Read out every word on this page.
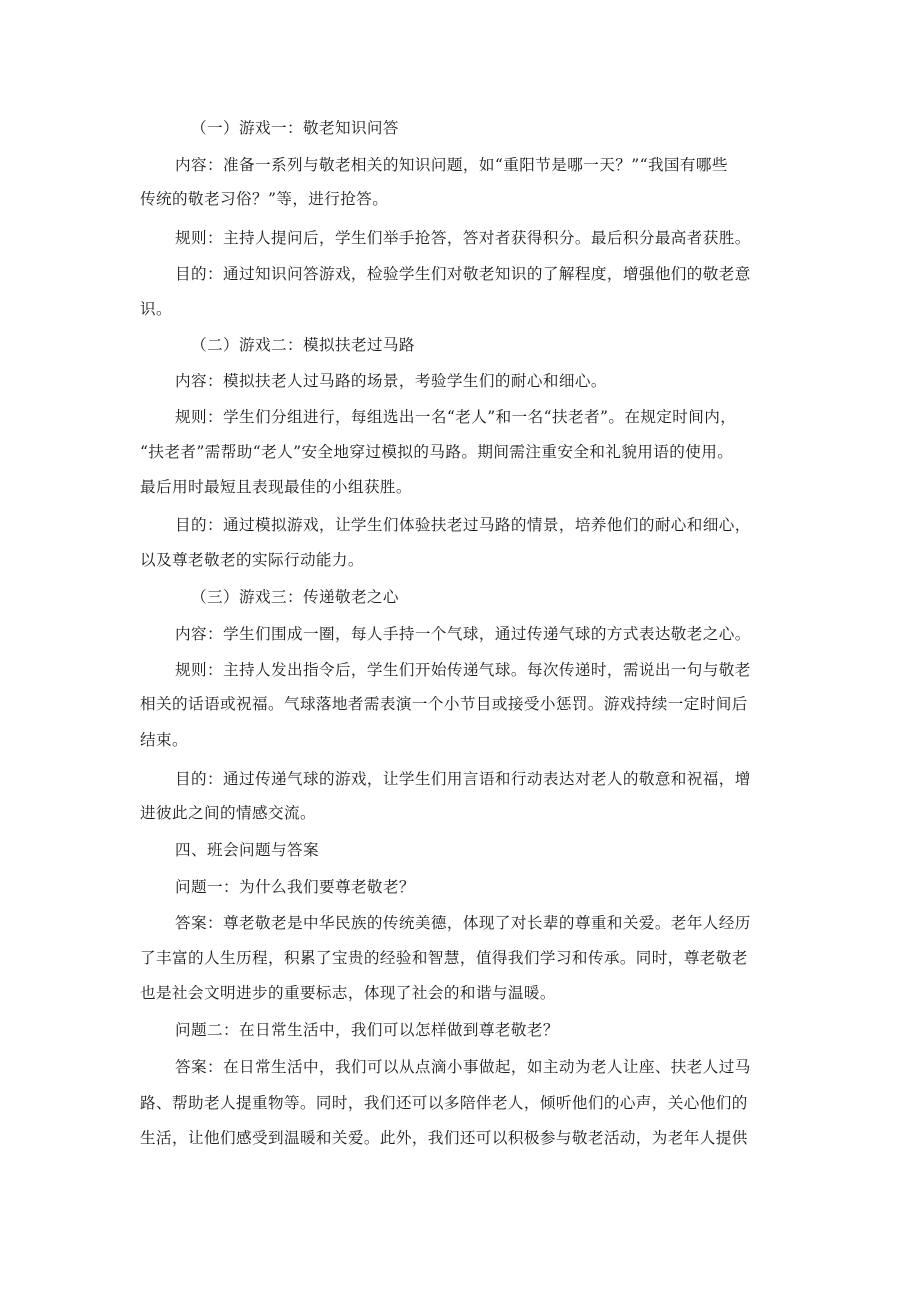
（一）游戏一：敬老知识问答
内容：准备一系列与敬老相关的知识问题，如“重阳节是哪一天？”“我国有哪些
传统的敬老习俗？”等，进行抢答。
规则：主持人提问后，学生们举手抢答，答对者获得积分。最后积分最高者获胜。
目的：通过知识问答游戏，检验学生们对敬老知识的了解程度，增强他们的敬老意
识。
（二）游戏二：模拟扶老过马路
内容：模拟扶老人过马路的场景，考验学生们的耐心和细心。
规则：学生们分组进行，每组选出一名“老人”和一名“扶老者”。在规定时间内，
“扶老者”需帮助“老人”安全地穿过模拟的马路。期间需注重安全和礼貌用语的使用。
最后用时最短且表现最佳的小组获胜。
目的：通过模拟游戏，让学生们体验扶老过马路的情景，培养他们的耐心和细心，
以及尊老敬老的实际行动能力。
（三）游戏三：传递敬老之心
内容：学生们围成一圈，每人手持一个气球，通过传递气球的方式表达敬老之心。
规则：主持人发出指令后，学生们开始传递气球。每次传递时，需说出一句与敬老
相关的话语或祝福。气球落地者需表演一个小节目或接受小惩罚。游戏持续一定时间后
结束。
目的：通过传递气球的游戏，让学生们用言语和行动表达对老人的敬意和祝福，增
进彼此之间的情感交流。
四、班会问题与答案
问题一：为什么我们要尊老敬老？
答案：尊老敬老是中华民族的传统美德，体现了对长辈的尊重和关爱。老年人经历
了丰富的人生历程，积累了宝贵的经验和智慧，值得我们学习和传承。同时，尊老敬老
也是社会文明进步的重要标志，体现了社会的和谐与温暖。
问题二：在日常生活中，我们可以怎样做到尊老敬老？
答案：在日常生活中，我们可以从点滴小事做起，如主动为老人让座、扶老人过马
路、帮助老人提重物等。同时，我们还可以多陪伴老人，倾听他们的心声，关心他们的
生活，让他们感受到温暖和关爱。此外，我们还可以积极参与敬老活动，为老年人提供
